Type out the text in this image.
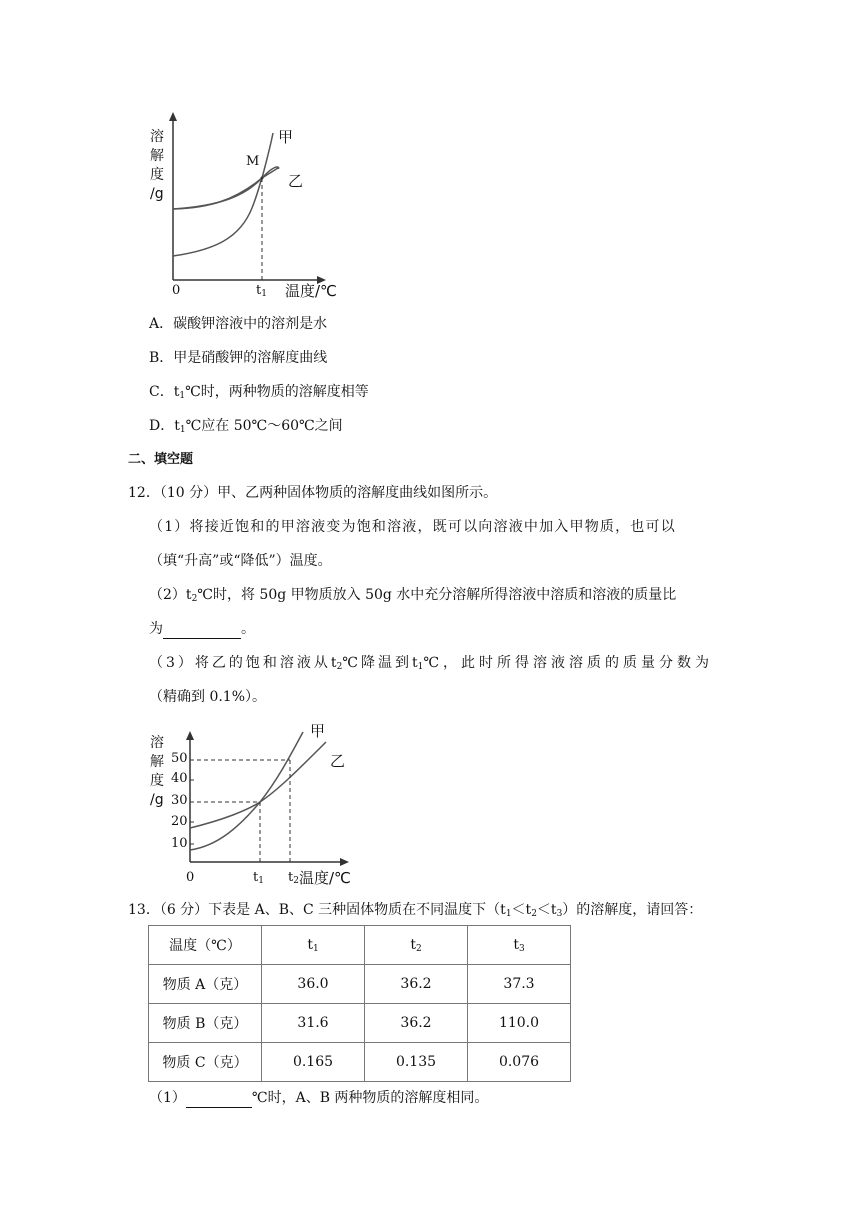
溶
解
度
/g
甲
乙
M
0	$t_1$ 温度/℃
A．碳酸钾溶液中的溶剂是水
B．甲是硝酸钾的溶解度曲线
C．$t_1℃$时，两种物质的溶解度相等
D．$t_1℃$应在 50℃～60℃之间
二、填空题
12．（10 分）甲、乙两种固体物质的溶解度曲线如图所示。
（1）将接近饱和的甲溶液变为饱和溶液，既可以向溶液中加入甲物质，也可以
（填“升高”或“降低”）温度。
$(2)t_2℃$时，将 50g 甲物质放入 50g 水中充分溶解所得溶液中溶质和溶液的质量比
为	。
（3）将乙的饱和溶液从$t_2℃$降温到$t_1℃$，此时所得溶液溶质的质量分数为
（精确到 0.1%）。
溶
解
度
/g
50
40
30
20
10
甲
乙
0	$t_1$ $t_2$ 温度/℃
13．（6 分）下表是 A、B、C 三种固体物质在不同温度下$(t_1<t_2<t_3)$的溶解度，请回答：
温度（℃）	$t_1$	$t_2$	$t_3$
物质 A（克）	36.0	36.2	37.3
物质 B（克）	31.6	36.2	110.0
物质 C（克）	0.165	0.135	0.076
（1）	℃时，A、B 两种物质的溶解度相同。
